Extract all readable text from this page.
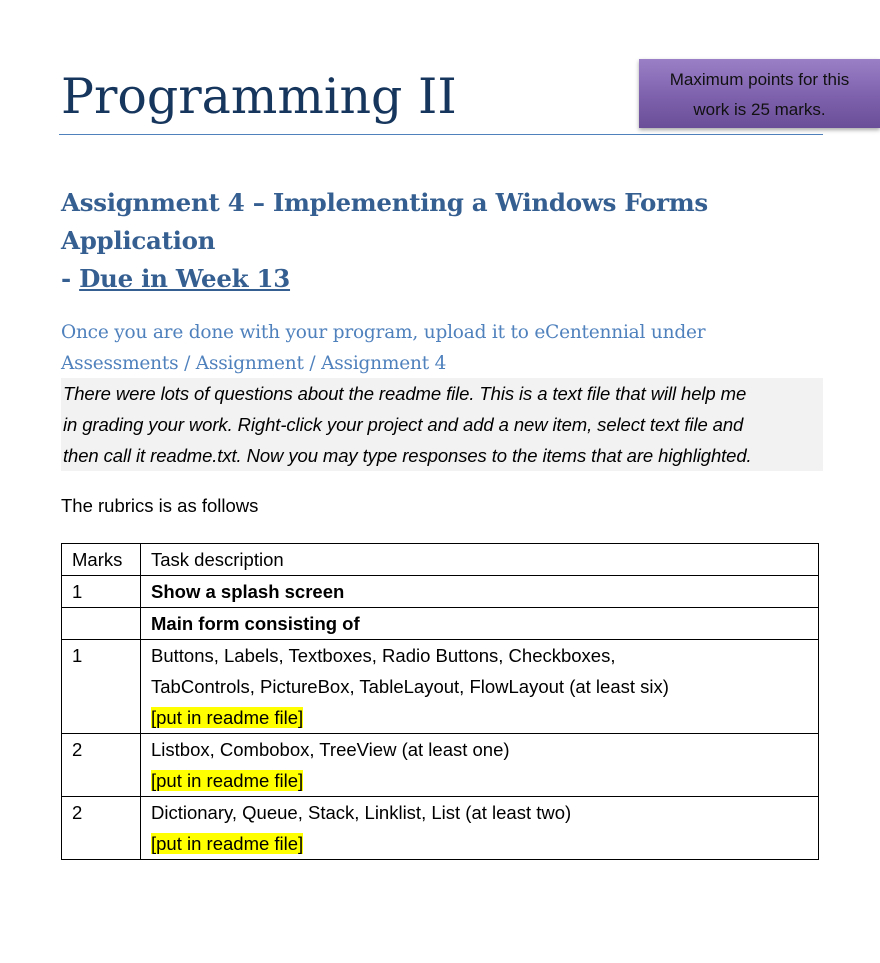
Programming II	Maximum points for this
work is 25 marks.
Assignment 4 – Implementing a Windows Forms
Application
- Due in Week 13

Once you are done with your program, upload it to eCentennial under
Assessments / Assignment / Assignment 4

There were lots of questions about the readme file. This is a text file that will help me
in grading your work. Right-click your project and add a new item, select text file and
then call it readme.txt. Now you may type responses to the items that are highlighted.

The rubrics is as follows

Marks	Task description
1	Show a splash screen
	Main form consisting of
1	Buttons, Labels, Textboxes, Radio Buttons, Checkboxes,
TabControls, PictureBox, TableLayout, FlowLayout (at least six)
[put in readme file]
2	Listbox, Combobox, TreeView (at least one)
[put in readme file]
2	Dictionary, Queue, Stack, Linklist, List (at least two)
[put in readme file]
